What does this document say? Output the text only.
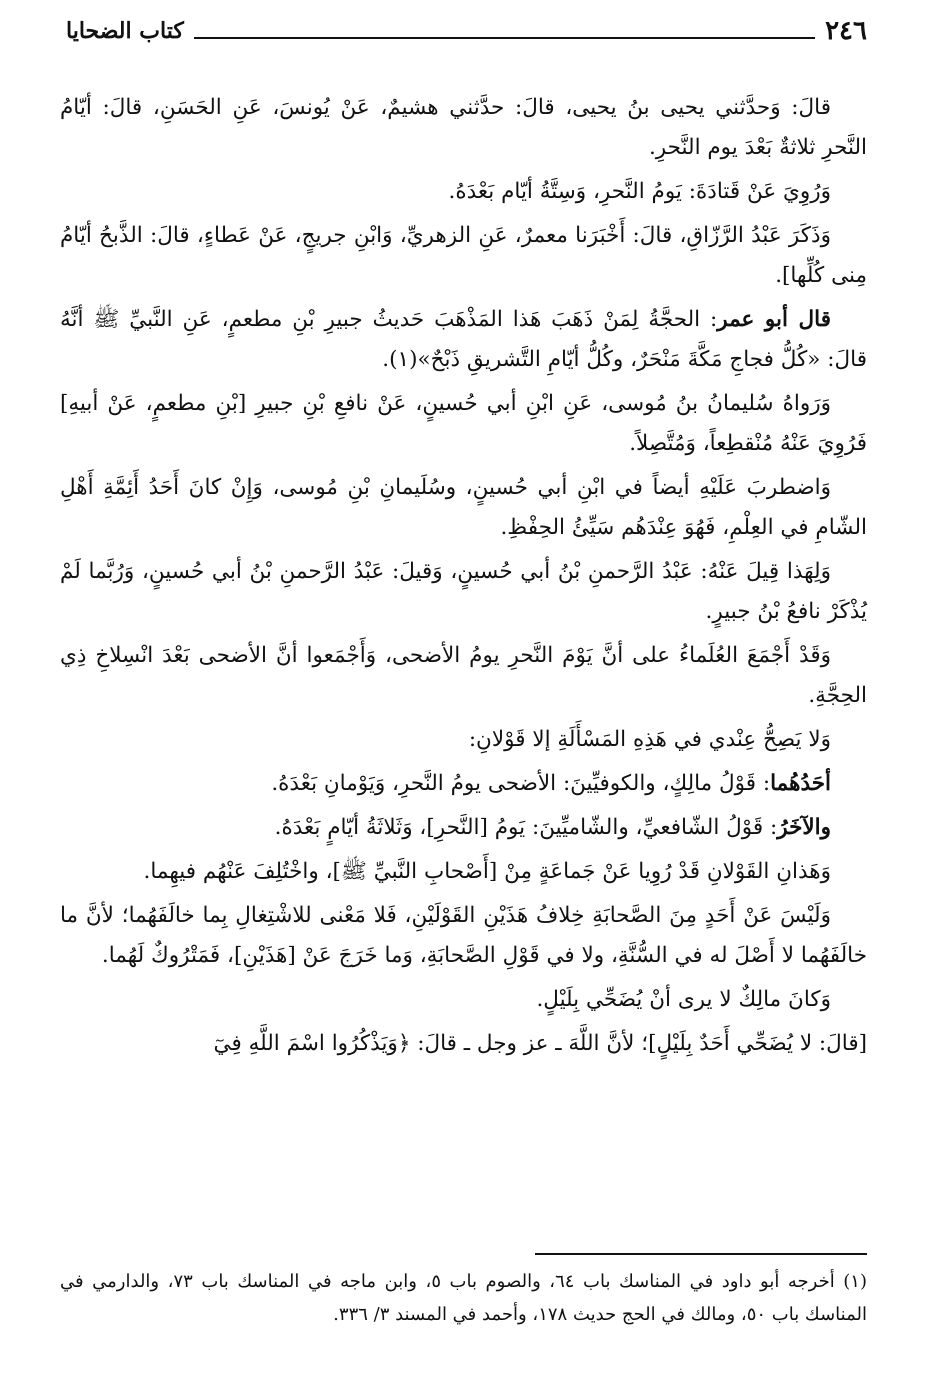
كتاب الضحايا	٢٤٦

قالَ: وَحدَّثني يحيى بنُ يحيى، قالَ: حدَّثني هشيمٌ، عَنْ يُونسَ، عَنِ الحَسَنِ، قالَ: أيّامُ النَّحرِ ثلاثةٌ بَعْدَ يوم النَّحرِ.

وَرُوِيَ عَنْ قَتادَةَ: يَومُ النَّحرِ، وَسِتَّةُ أيّام بَعْدَهُ.

وَذَكَرَ عَبْدُ الرَّزّاقِ، قالَ: أَخْبَرَنا معمرٌ، عَنِ الزهريِّ، وَابْنِ جريجٍ، عَنْ عَطاءٍ، قالَ: الذَّبحُ أيّامُ مِنى كُلِّها].

قال أبو عمر: الحجَّةُ لِمَنْ ذَهَبَ هَذا المَذْهَبَ حَديثُ جبيرِ بْنِ مطعمٍ، عَنِ النَّبيِّ ﷺ أنَّهُ قالَ: «كُلُّ فجاجِ مَكَّةَ مَنْحَرٌ، وكُلُّ أيّامِ التَّشريقِ ذَبْحٌ»(١).

وَرَواهُ سُليمانُ بنُ مُوسى، عَنِ ابْنِ أبي حُسينٍ، عَنْ نافعِ بْنِ جبيرِ [بْنِ مطعمٍ، عَنْ أبيهِ] فَرُوِيَ عَنْهُ مُنْقطِعاً، وَمُتَّصِلاً.

وَاضطربَ عَلَيْهِ أيضاً في ابْنِ أبي حُسينٍ، وسُلَيمانِ بْنِ مُوسى، وَإِنْ كانَ أَحَدُ أَئِمَّةِ أَهْلِ الشّامِ في العِلْمِ، فَهُوَ عِنْدَهُم سَيِّئُ الحِفْظِ.

وَلِهَذا قِيلَ عَنْهُ: عَبْدُ الرَّحمنِ بْنُ أبي حُسينٍ، وَقيلَ: عَبْدُ الرَّحمنِ بْنُ أبي حُسينٍ، وَرُبَّما لَمْ يُذْكَرْ نافعُ بْنُ جبيرٍ.

وَقَدْ أَجْمَعَ العُلَماءُ على أنَّ يَوْمَ النَّحرِ يومُ الأضحى، وَأَجْمَعوا أنَّ الأضحى بَعْدَ انْسِلاخِ ذِي الحِجَّةِ.

وَلا يَصِحُّ عِنْدي في هَذِهِ المَسْأَلَةِ إلا قَوْلانِ:

أحَدُهُما: قَوْلُ مالِكٍ، والكوفيِّينَ: الأضحى يومُ النَّحرِ، وَيَوْمانِ بَعْدَهُ.

والآخَرُ: قَوْلُ الشّافعيِّ، والشّاميِّينَ: يَومُ [النَّحرِ]، وَثَلاثَةُ أيّامٍ بَعْدَهُ.

وَهَذانِ القَوْلانِ قَدْ رُوِيا عَنْ جَماعَةٍ مِنْ [أَصْحابِ النَّبيِّ ﷺ]، واخْتُلِفَ عَنْهُم فيهِما.

وَلَيْسَ عَنْ أَحَدٍ مِنَ الصَّحابَةِ خِلافُ هَذَيْنِ القَوْلَيْنِ، فَلا مَعْنى للاشْتِغالِ بِما خالَفَهُما؛ لأنَّ ما خالَفَهُما لا أَصْلَ له في السُّنَّةِ، ولا في قَوْلِ الصَّحابَةِ، وَما خَرَجَ عَنْ [هَذَيْنِ]، فَمَتْرُوكٌ لَهُما.

وَكانَ مالِكٌ لا يرى أنْ يُضَحِّي بِلَيْلٍ.

[قالَ: لا يُضَحِّي أَحَدٌ بِلَيْلٍ]؛ لأنَّ اللَّهَ ـ عز وجل ـ قالَ: ﴿وَيَذْكُرُوا اسْمَ اللَّهِ فِيٓ

(١) أخرجه أبو داود في المناسك باب ٦٤، والصوم باب ٥، وابن ماجه في المناسك باب ٧٣، والدارمي في المناسك باب ٥٠، ومالك في الحج حديث ١٧٨، وأحمد في المسند ٣/ ٣٣٦.
